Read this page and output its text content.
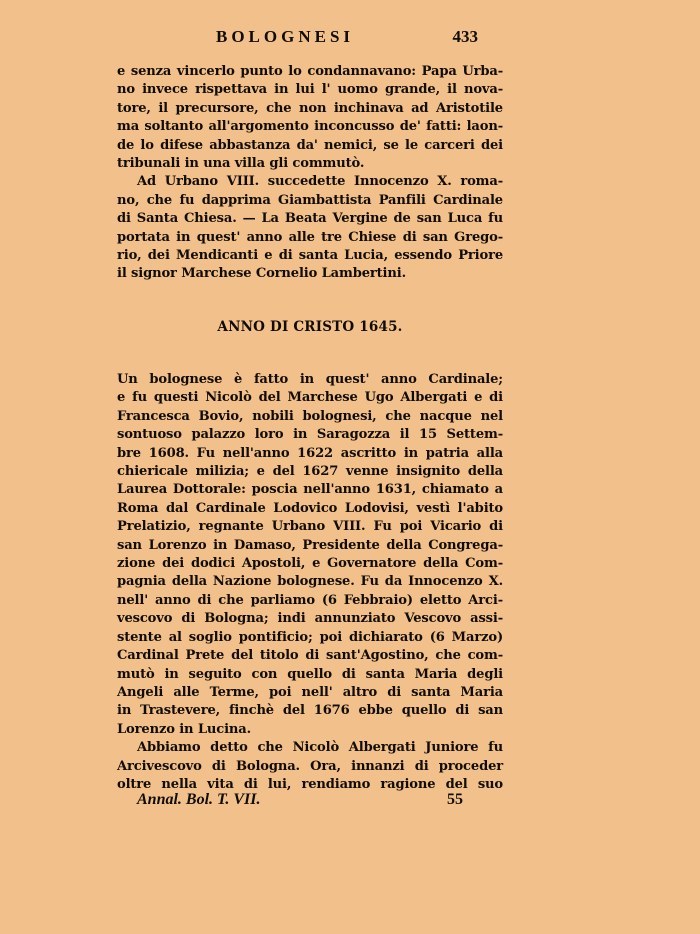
BOLOGNESI	433
e senza vincerlo punto lo condannavano: Papa Urba-
no invece rispettava in lui l' uomo grande, il nova-
tore, il precursore, che non inchinava ad Aristotile
ma soltanto all'argomento inconcusso de' fatti: laon-
de lo difese abbastanza da' nemici, se le carceri dei
tribunali in una villa gli commutò.
Ad Urbano VIII. succedette Innocenzo X. roma-
no, che fu dapprima Giambattista Panfili Cardinale
di Santa Chiesa. — La Beata Vergine de san Luca fu
portata in quest' anno alle tre Chiese di san Grego-
rio, dei Mendicanti e di santa Lucia, essendo Priore
il signor Marchese Cornelio Lambertini.
ANNO DI CRISTO 1645.
Un bolognese è fatto in quest' anno Cardinale;
e fu questi Nicolò del Marchese Ugo Albergati e di
Francesca Bovio, nobili bolognesi, che nacque nel
sontuoso palazzo loro in Saragozza il 15 Settem-
bre 1608. Fu nell'anno 1622 ascritto in patria alla
chiericale milizia; e del 1627 venne insignito della
Laurea Dottorale: poscia nell'anno 1631, chiamato a
Roma dal Cardinale Lodovico Lodovisi, vestì l'abito
Prelatizio, regnante Urbano VIII. Fu poi Vicario di
san Lorenzo in Damaso, Presidente della Congrega-
zione dei dodici Apostoli, e Governatore della Com-
pagnia della Nazione bolognese. Fu da Innocenzo X.
nell' anno di che parliamo (6 Febbraio) eletto Arci-
vescovo di Bologna; indi annunziato Vescovo assi-
stente al soglio pontificio; poi dichiarato (6 Marzo)
Cardinal Prete del titolo di sant'Agostino, che com-
mutò in seguito con quello di santa Maria degli
Angeli alle Terme, poi nell' altro di santa Maria
in Trastevere, finchè del 1676 ebbe quello di san
Lorenzo in Lucina.
Abbiamo detto che Nicolò Albergati Juniore fu
Arcivescovo di Bologna. Ora, innanzi di proceder
oltre nella vita di lui, rendiamo ragione del suo
Annal. Bol. T. VII.	55
